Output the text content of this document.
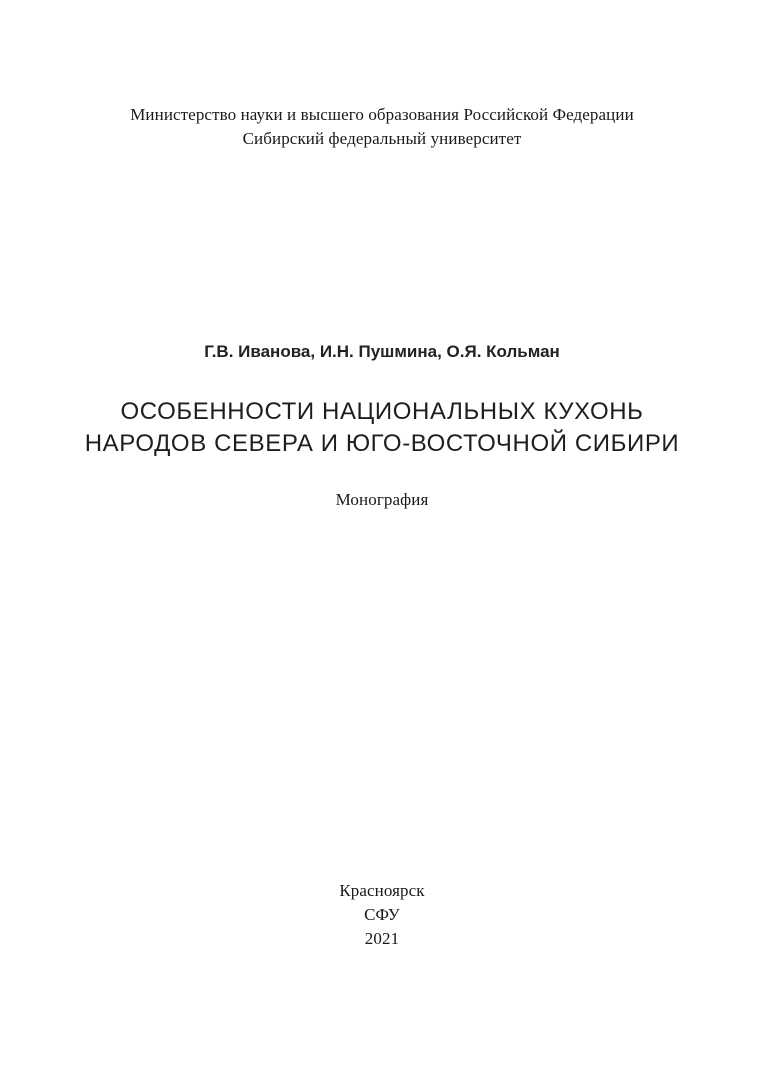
Министерство науки и высшего образования Российской Федерации
Сибирский федеральный университет
Г.В. Иванова, И.Н. Пушмина, О.Я. Кольман
ОСОБЕННОСТИ НАЦИОНАЛЬНЫХ КУХОНЬ
НАРОДОВ СЕВЕРА И ЮГО-ВОСТОЧНОЙ СИБИРИ
Монография
Красноярск
СФУ
2021
